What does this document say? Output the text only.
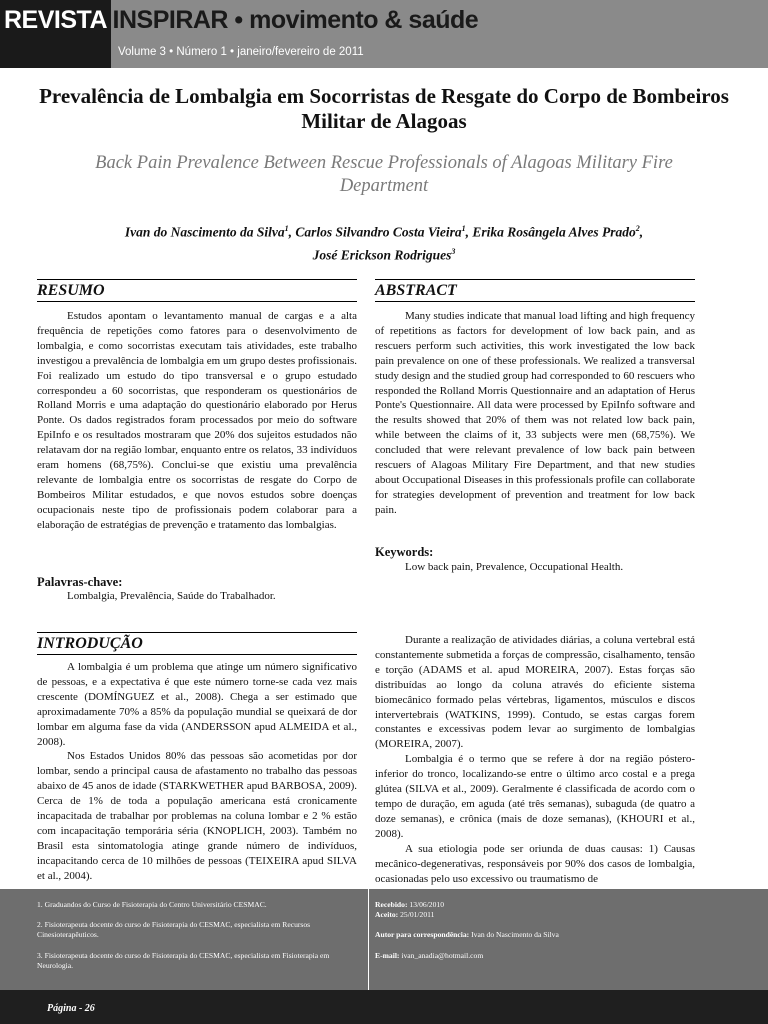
REVISTA INSPIRAR • movimento & saúde
Volume 3 • Número 1 • janeiro/fevereiro de 2011
Prevalência de Lombalgia em Socorristas de Resgate do Corpo de Bombeiros Militar de Alagoas
Back Pain Prevalence Between Rescue Professionals of Alagoas Military Fire Department
Ivan do Nascimento da Silva$^1$, Carlos Silvandro Costa Vieira$^1$, Erika Rosângela Alves Prado$^2$,
José Erickson Rodrigues$^3$
RESUMO

Estudos apontam o levantamento manual de cargas e a alta frequência de repetições como fatores para o desenvolvimento de lombalgia, e como socorristas executam tais atividades, este trabalho investigou a prevalência de lombalgia em um grupo destes profissionais. Foi realizado um estudo do tipo transversal e o grupo estudado correspondeu a 60 socorristas, que responderam os questionários de Rolland Morris e uma adaptação do questionário elaborado por Herus Ponte. Os dados registrados foram processados por meio do software EpiInfo e os resultados mostraram que 20% dos sujeitos estudados não relatavam dor na região lombar, enquanto entre os relatos, 33 indivíduos eram homens (68,75%). Conclui-se que existiu uma prevalência relevante de lombalgia entre os socorristas de resgate do Corpo de Bombeiros Militar estudados, e que novos estudos sobre doenças ocupacionais neste tipo de profissionais podem colaborar para a elaboração de estratégias de prevenção e tratamento das lombalgias.

Palavras-chave:
Lombalgia, Prevalência, Saúde do Trabalhador.
ABSTRACT

Many studies indicate that manual load lifting and high frequency of repetitions as factors for development of low back pain, and as rescuers perform such activities, this work investigated the low back pain prevalence on one of these professionals. We realized a transversal study design and the studied group had corresponded to 60 rescuers who responded the Rolland Morris Questionnaire and an adaptation of Herus Ponte's Questionnaire. All data were processed by EpiInfo software and the results showed that 20% of them was not related low back pain, while between the claims of it, 33 subjects were men (68,75%). We concluded that were relevant prevalence of low back pain between rescuers of Alagoas Military Fire Department, and that new studies about Occupational Diseases in this professionals profile can collaborate for strategies development of prevention and treatment for low back pain.

Keywords:
Low back pain, Prevalence, Occupational Health.
INTRODUÇÃO

A lombalgia é um problema que atinge um número significativo de pessoas, e a expectativa é que este número torne-se cada vez mais crescente (DOMÍNGUEZ et al., 2008). Chega a ser estimado que aproximadamente 70% a 85% da população mundial se queixará de dor lombar em alguma fase da vida (ANDERSSON apud ALMEIDA et al., 2008).

Nos Estados Unidos 80% das pessoas são acometidas por dor lombar, sendo a principal causa de afastamento no trabalho das pessoas abaixo de 45 anos de idade (STARKWETHER apud BARBOSA, 2009). Cerca de 1% de toda a população americana está cronicamente incapacitada de trabalhar por problemas na coluna lombar e 2 % estão com incapacitação temporária séria (KNOPLICH, 2003). Também no Brasil esta sintomatologia atinge grande número de indivíduos, incapacitando cerca de 10 milhões de pessoas (TEIXEIRA apud SILVA et al., 2004).

Durante a realização de atividades diárias, a coluna vertebral está constantemente submetida a forças de compressão, cisalhamento, tensão e torção (ADAMS et al. apud MOREIRA, 2007). Estas forças são distribuídas ao longo da coluna através do eficiente sistema biomecânico formado pelas vértebras, ligamentos, músculos e discos intervertebrais (WATKINS, 1999). Contudo, se estas cargas forem constantes e excessivas podem levar ao surgimento de lombalgias (MOREIRA, 2007).

Lombalgia é o termo que se refere à dor na região póstero-inferior do tronco, localizando-se entre o último arco costal e a prega glútea (SILVA et al., 2009). Geralmente é classificada de acordo com o tempo de duração, em aguda (até três semanas), subaguda (de quatro a doze semanas), e crônica (mais de doze semanas), (KHOURI et al., 2008).

A sua etiologia pode ser oriunda de duas causas: 1) Causas mecânico-degenerativas, responsáveis por 90% dos casos de lombalgia, ocasionadas pelo uso excessivo ou traumatismo de

1. Graduandos do Curso de Fisioterapia do Centro Universitário CESMAC.
2. Fisioterapeuta docente do curso de Fisioterapia do CESMAC, especialista em Recursos Cinesioterapêuticos.
3. Fisioterapeuta docente do curso de Fisioterapia do CESMAC, especialista em Fisioterapia em Neurologia.
Recebido: 13/06/2010
Aceito: 25/01/2011
Autor para correspondência: Ivan do Nascimento da Silva
E-mail: ivan_anadia@hotmail.com
Página - 26
